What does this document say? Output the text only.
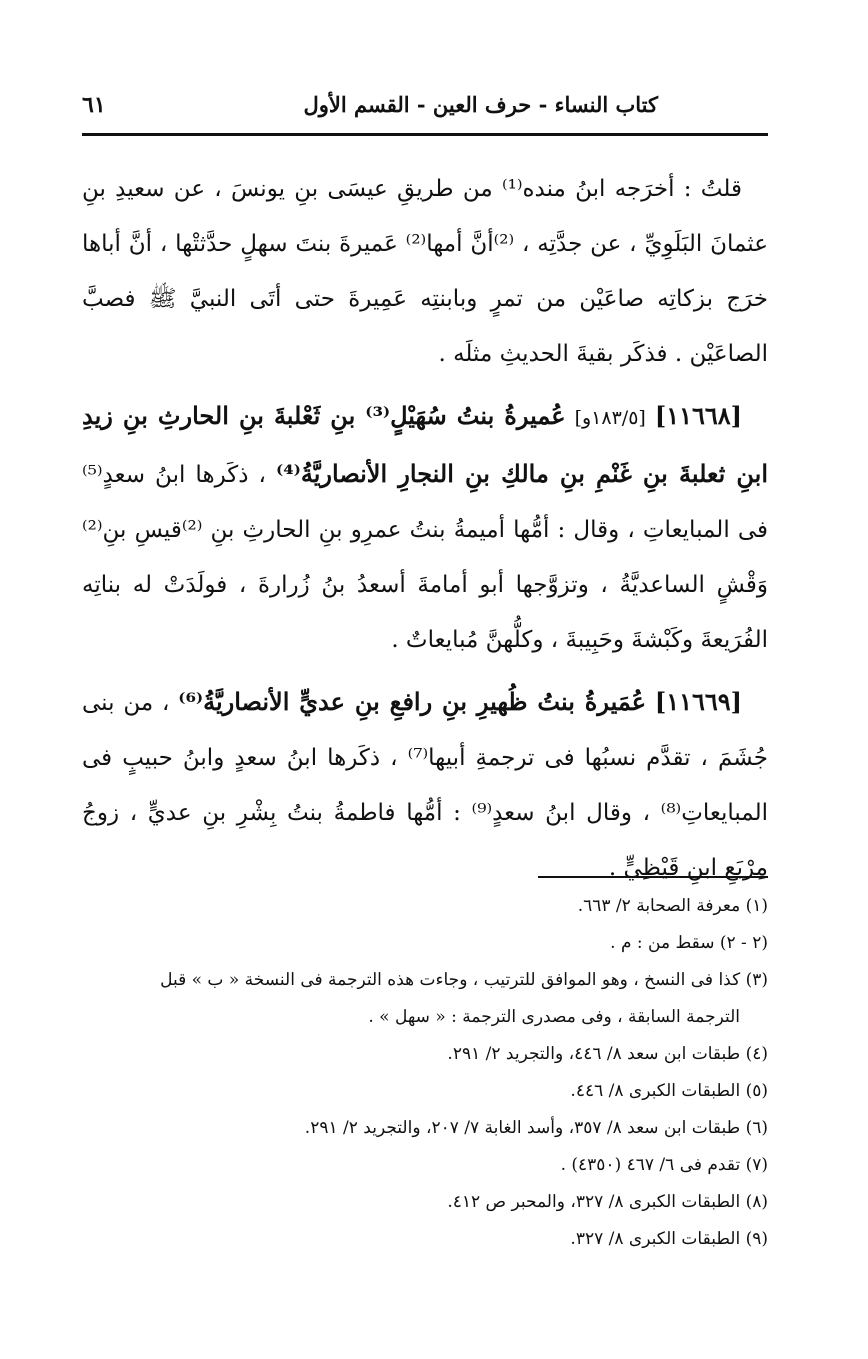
كتاب النساء - حرف العين - القسم الأول
٦١

قلتُ : أخرَجه ابنُ منده⁽¹⁾ من طريقِ عيسَى بنِ يونسَ ، عن سعيدِ بنِ عثمانَ البَلَوِيِّ ، عن جدَّتِه ، ⁽²⁾أنَّ أمها⁽²⁾ عَميرةَ بنتَ سهلٍ حدَّثتْها ، أنَّ أباها خرَج بزكاتِه صاعَيْن من تمرٍ وبابنتِه عَمِيرةَ حتى أتَى النبيَّ ﷺ فصبَّ الصاعَيْن . فذكَر بقيةَ الحديثِ مثلَه .

[١١٦٦٨] [١٨٣/٥و] عُميرةُ بنتُ سُهَيْلٍ⁽³⁾ بنِ ثَعْلبةَ بنِ الحارثِ بنِ زيدِ ابنِ ثعلبةَ بنِ غَنْمِ بنِ مالكِ بنِ النجارِ الأنصاريَّةُ⁽⁴⁾ ، ذكَرها ابنُ سعدٍ⁽⁵⁾ فى المبايعاتِ ، وقال : أمُّها أميمةُ بنتُ عمرِو بنِ الحارثِ بنِ ⁽²⁾قيسِ بنِ⁽²⁾ وَقْشٍ الساعديَّةُ ، وتزوَّجها أبو أمامةَ أسعدُ بنُ زُرارةَ ، فولَدَتْ له بناتِه الفُرَيعةَ وكَبْشةَ وحَبِيبةَ ، وكلُّهنَّ مُبايعاتٌ .

[١١٦٦٩] عُمَيرةُ بنتُ ظُهيرِ بنِ رافعِ بنِ عديٍّ الأنصاريَّةُ⁽⁶⁾ ، من بنى جُشَمَ ، تقدَّم نسبُها فى ترجمةِ أبيها⁽⁷⁾ ، ذكَرها ابنُ سعدٍ وابنُ حبيبٍ فى المبايعاتِ⁽⁸⁾ ، وقال ابنُ سعدٍ⁽⁹⁾ : أمُّها فاطمةُ بنتُ بِشْرِ بنِ عديٍّ ، زوجُ مِرْبَعِ ابنِ قَيْظِيٍّ .

(١) معرفة الصحابة ٢/ ٦٦٣.

(٢ - ٢) سقط من : م .

(٣) كذا فى النسخ ، وهو الموافق للترتيب ، وجاءت هذه الترجمة فى النسخة « ب » قبل

الترجمة السابقة ، وفى مصدرى الترجمة : « سهل » .

(٤) طبقات ابن سعد ٨/ ٤٤٦، والتجريد ٢/ ٢٩١.

(٥) الطبقات الكبرى ٨/ ٤٤٦.

(٦) طبقات ابن سعد ٨/ ٣٥٧، وأسد الغابة ٧/ ٢٠٧، والتجريد ٢/ ٢٩١.

(٧) تقدم فى ٦/ ٤٦٧ (٤٣٥٠) .

(٨) الطبقات الكبرى ٨/ ٣٢٧، والمحبر ص ٤١٢.

(٩) الطبقات الكبرى ٨/ ٣٢٧.
